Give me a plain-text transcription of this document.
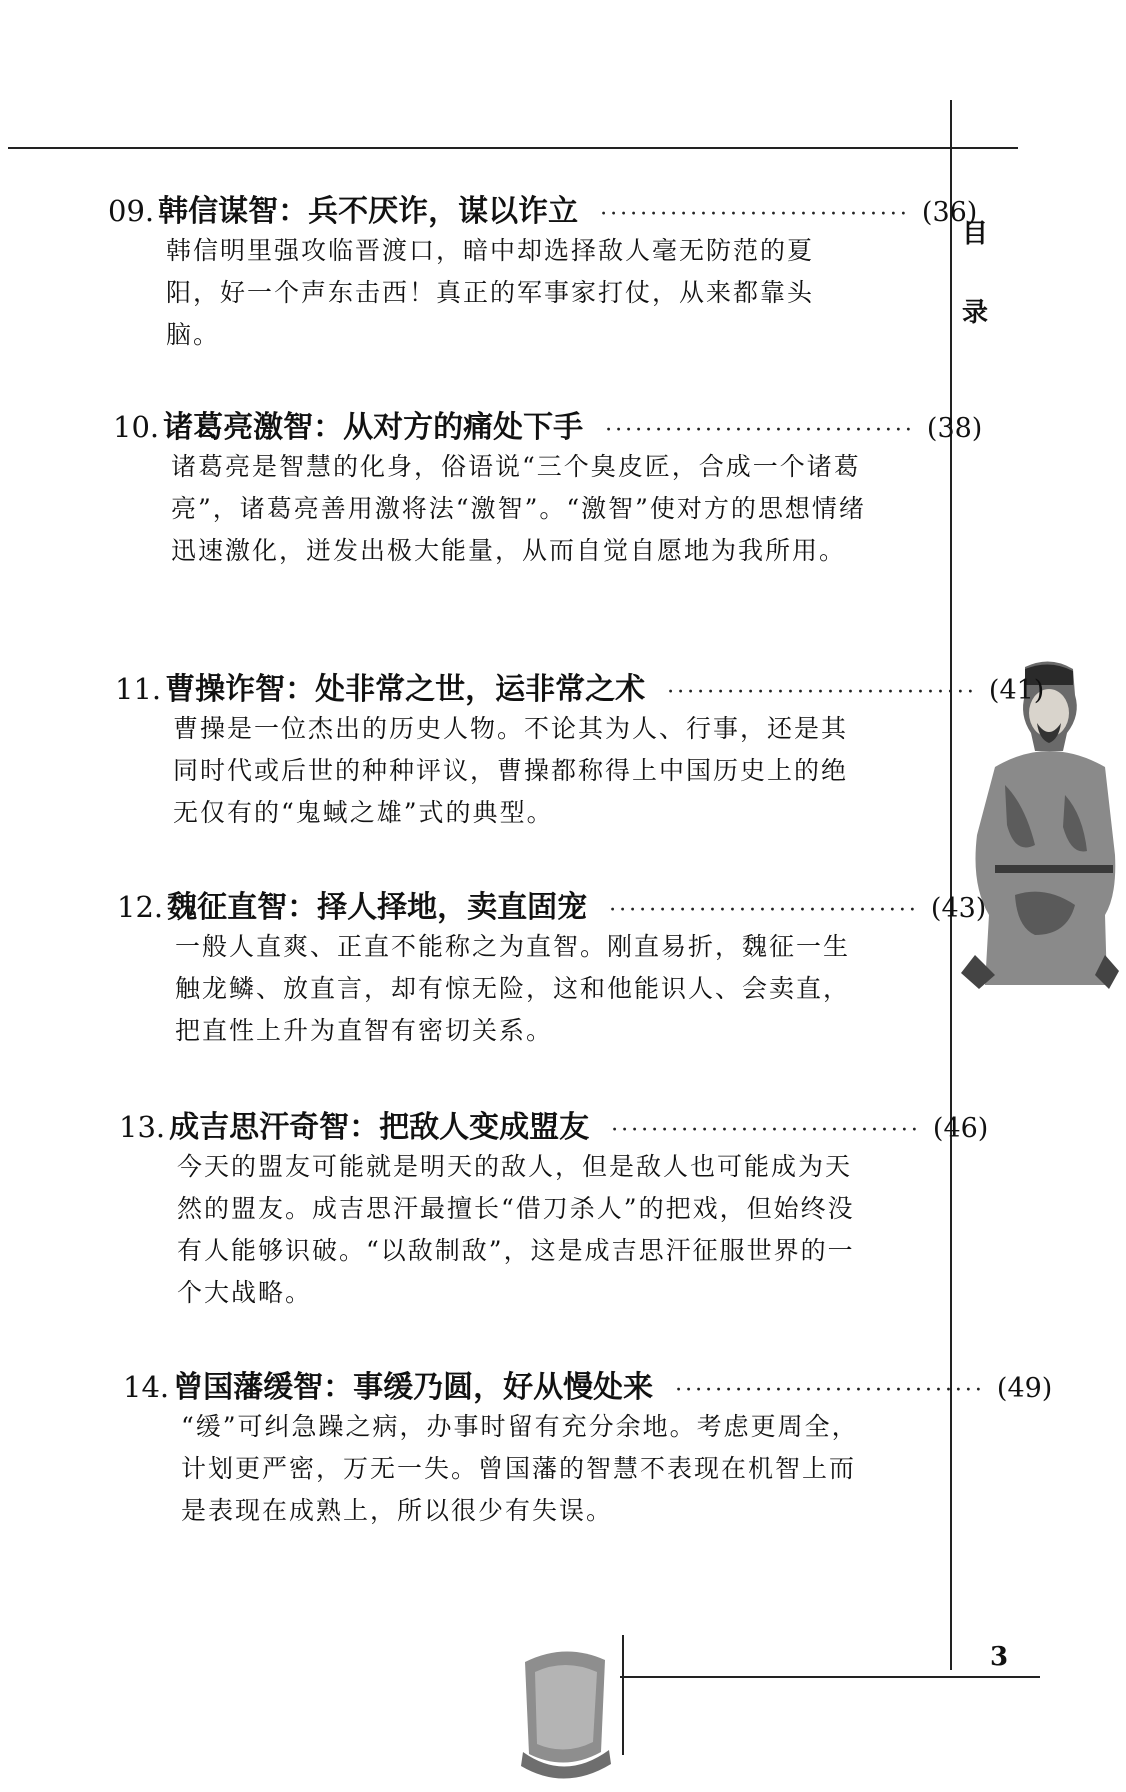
目
录
09. 韩信谋智：兵不厌诈，谋以诈立 ······························· (36)
韩信明里强攻临晋渡口，暗中却选择敌人毫无防范的夏阳，好一个声东击西！真正的军事家打仗，从来都靠头脑。
10. 诸葛亮激智：从对方的痛处下手 ······························· (38)
诸葛亮是智慧的化身，俗语说“三个臭皮匠，合成一个诸葛亮”，诸葛亮善用激将法“激智”。“激智”使对方的思想情绪迅速激化，迸发出极大能量，从而自觉自愿地为我所用。
11. 曹操诈智：处非常之世，运非常之术 ······························· (41)
曹操是一位杰出的历史人物。不论其为人、行事，还是其同时代或后世的种种评议，曹操都称得上中国历史上的绝无仅有的“鬼蜮之雄”式的典型。
12. 魏征直智：择人择地，卖直固宠 ······························· (43)
一般人直爽、正直不能称之为直智。刚直易折，魏征一生触龙鳞、放直言，却有惊无险，这和他能识人、会卖直，把直性上升为直智有密切关系。
13. 成吉思汗奇智：把敌人变成盟友 ······························· (46)
今天的盟友可能就是明天的敌人，但是敌人也可能成为天然的盟友。成吉思汗最擅长“借刀杀人”的把戏，但始终没有人能够识破。“以敌制敌”，这是成吉思汗征服世界的一个大战略。
14. 曾国藩缓智：事缓乃圆，好从慢处来 ······························· (49)
“缓”可纠急躁之病，办事时留有充分余地。考虑更周全，计划更严密，万无一失。曾国藩的智慧不表现在机智上而是表现在成熟上，所以很少有失误。
3
